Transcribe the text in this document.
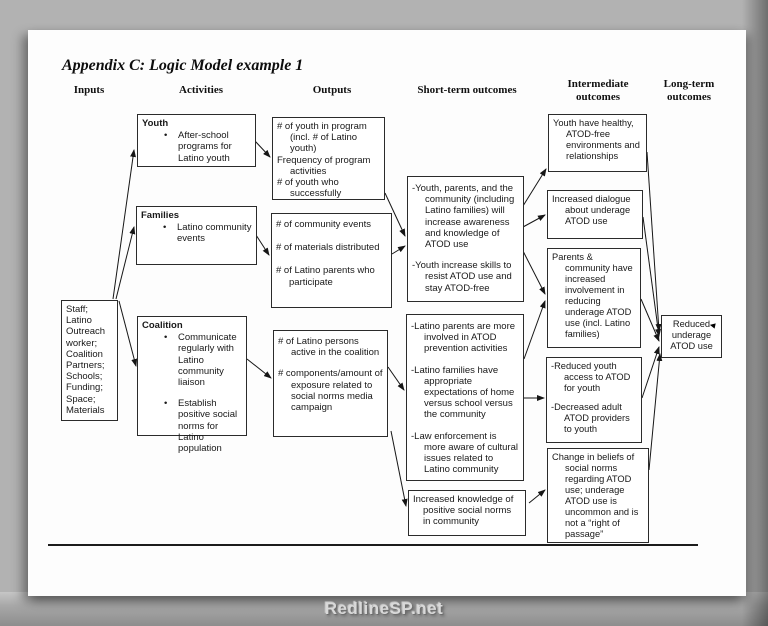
Appendix C: Logic Model example 1
Inputs	Activities	Outputs	Short-term outcomes	Intermediate outcomes
Long-term outcomes
Staff; Latino Outreach worker; Coalition Partners; Schools; Funding; Space; Materials
Youth
• After-school programs for Latino youth
Families
• Latino community events
Coalition
• Communicate regularly with Latino community liaison
• Establish positive social norms for Latino population
# of youth in program (incl. # of Latino youth)
Frequency of program activities
# of youth who successfully
# of community events
# of materials distributed
# of Latino parents who participate
# of Latino persons active in the coalition
# components/amount of exposure related to social norms media campaign
-Youth, parents, and the community (including Latino families) will increase awareness and knowledge of ATOD use
-Youth increase skills to resist ATOD use and stay ATOD-free
-Latino parents are more involved in ATOD prevention activities
-Latino families have appropriate expectations of home versus school versus the community
-Law enforcement is more aware of cultural issues related to Latino community
Increased knowledge of positive social norms in community
Youth have healthy, ATOD-free environments and relationships
Increased dialogue about underage ATOD use
Parents & community have increased involvement in reducing underage ATOD use (incl. Latino families)
-Reduced youth access to ATOD for youth
-Decreased adult ATOD providers to youth
Change in beliefs of social norms regarding ATOD use; underage ATOD use is uncommon and is not a “right of passage”
Reduced underage ATOD use
◄
RedlineSP.net
